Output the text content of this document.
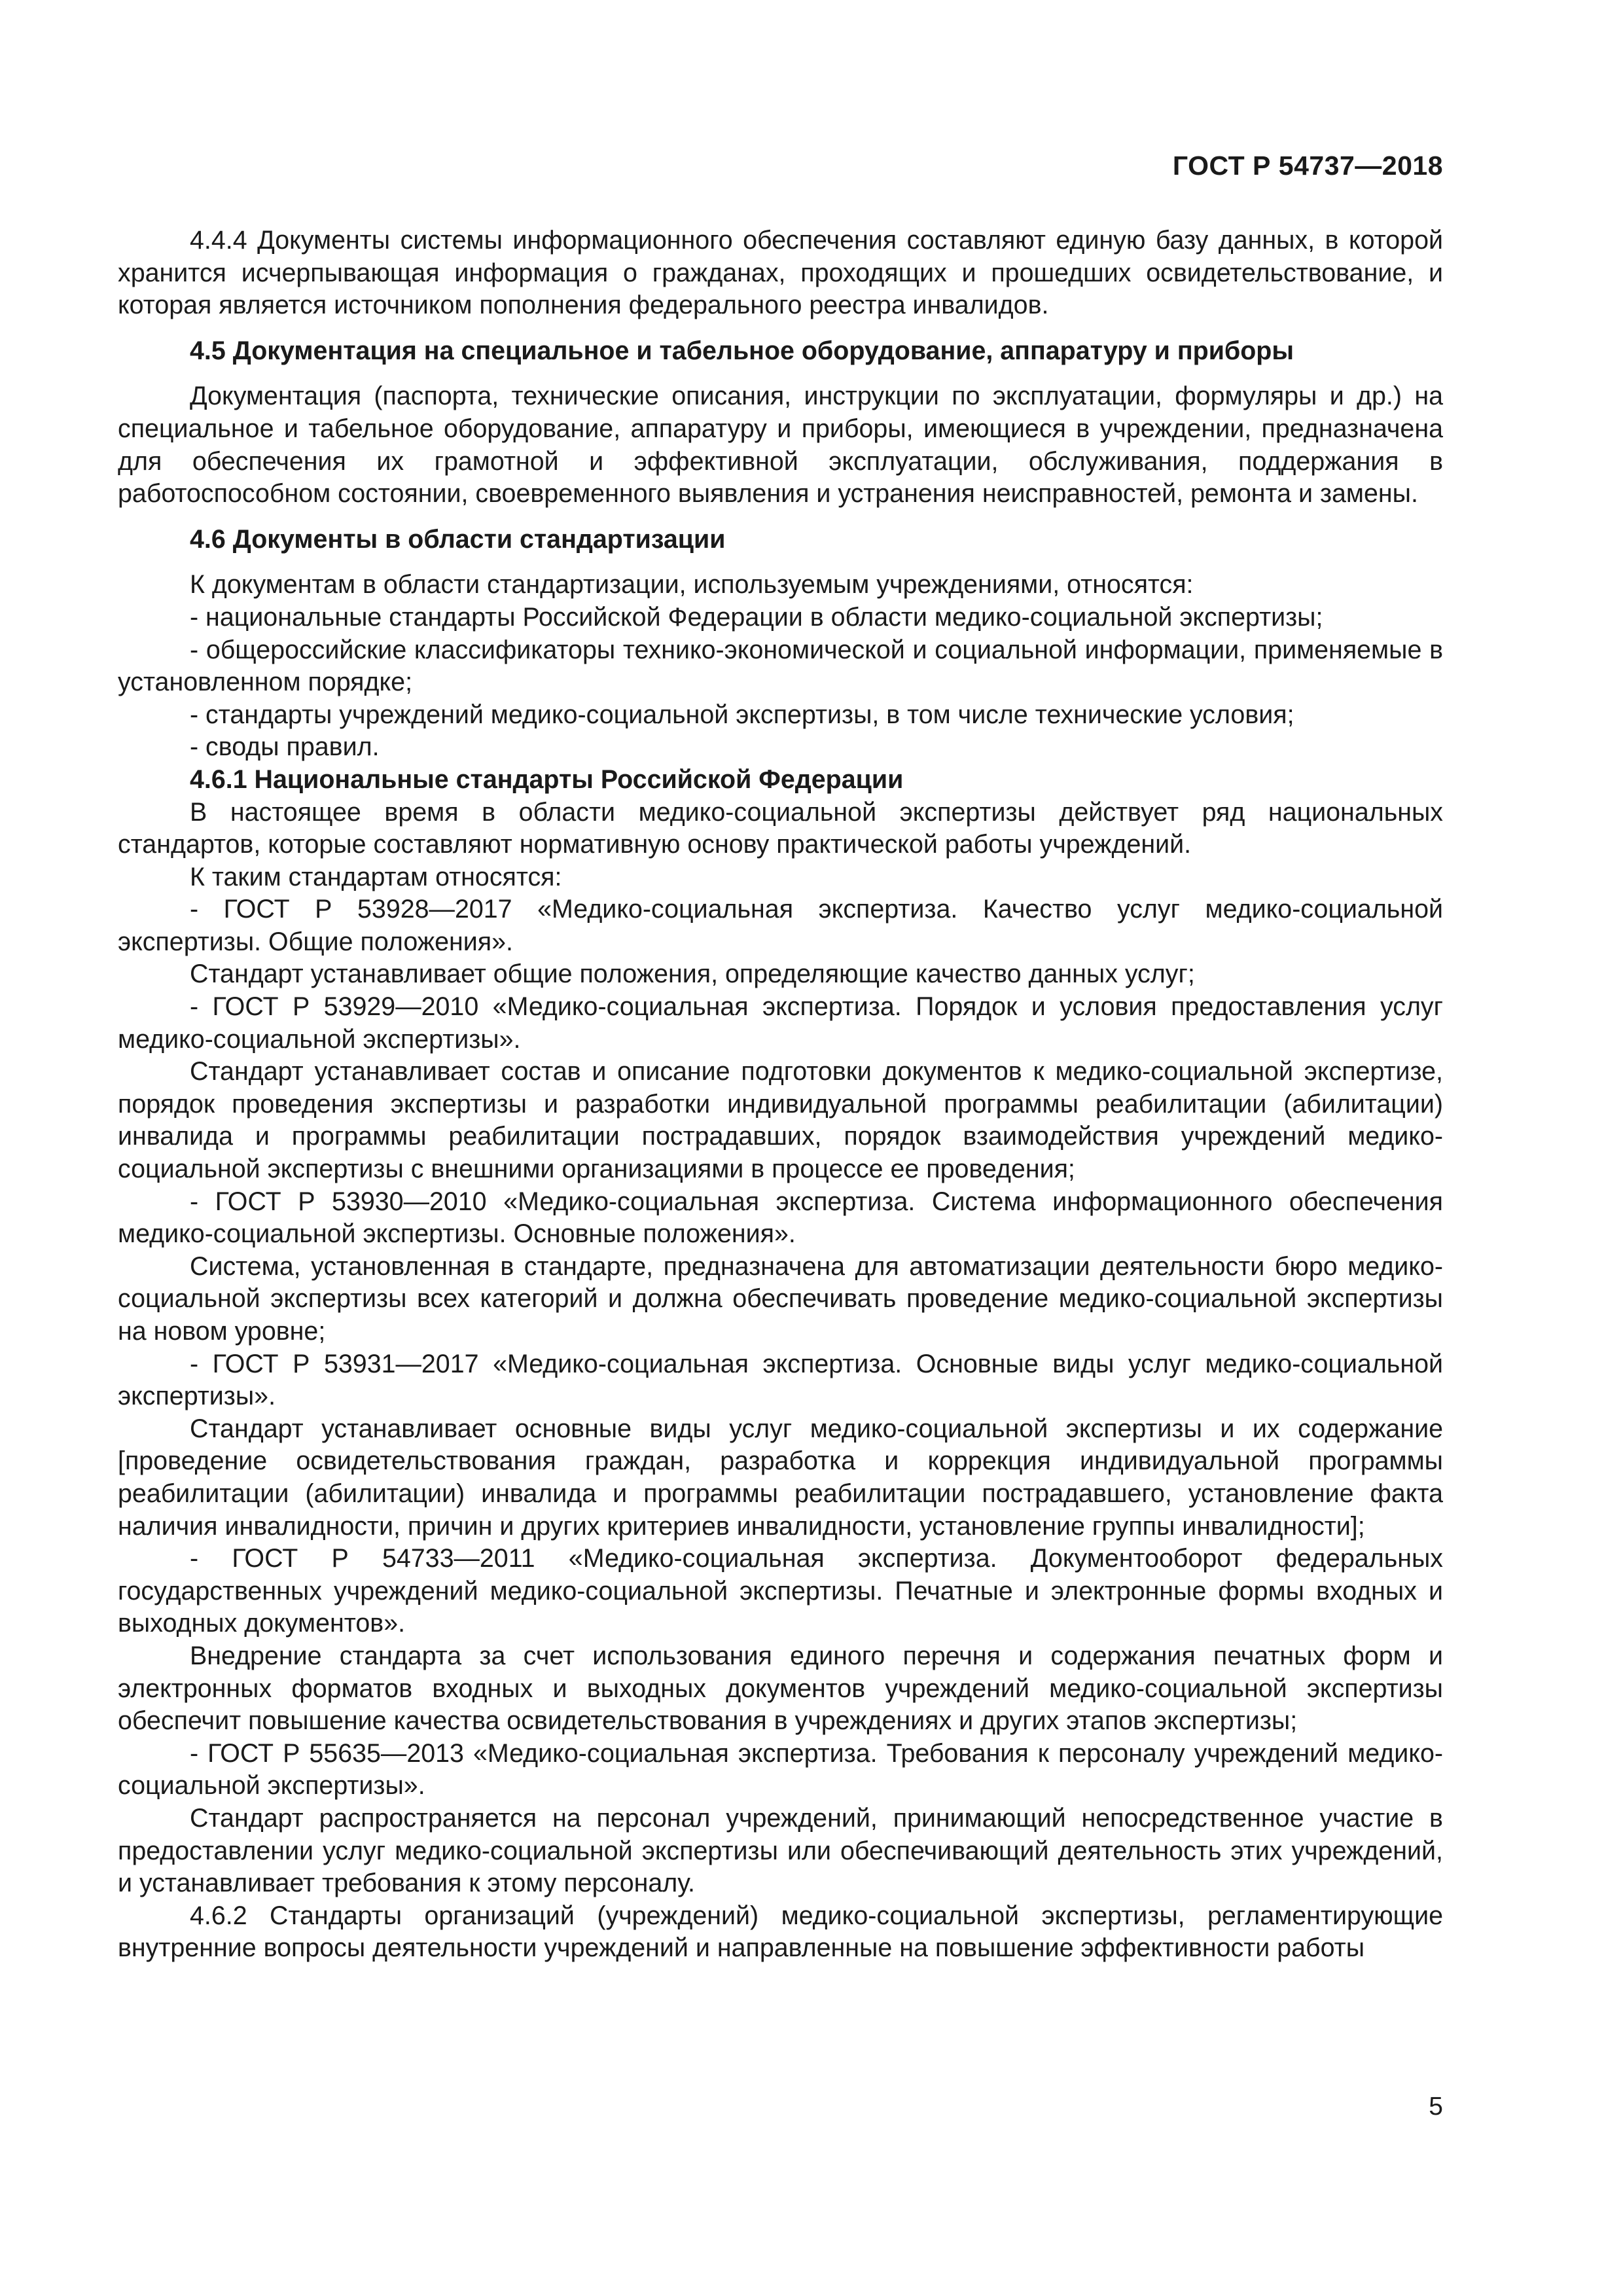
ГОСТ Р 54737—2018

4.4.4 Документы системы информационного обеспечения составляют единую базу данных, в которой хранится исчерпывающая информация о гражданах, проходящих и прошедших освидетельствование, и которая является источником пополнения федерального реестра инвалидов.

4.5 Документация на специальное и табельное оборудование, аппаратуру и приборы

Документация (паспорта, технические описания, инструкции по эксплуатации, формуляры и др.) на специальное и табельное оборудование, аппаратуру и приборы, имеющиеся в учреждении, предназначена для обеспечения их грамотной и эффективной эксплуатации, обслуживания, поддержания в работоспособном состоянии, своевременного выявления и устранения неисправностей, ремонта и замены.

4.6 Документы в области стандартизации

К документам в области стандартизации, используемым учреждениями, относятся:

- национальные стандарты Российской Федерации в области медико-социальной экспертизы;

- общероссийские классификаторы технико-экономической и социальной информации, применяемые в установленном порядке;

- стандарты учреждений медико-социальной экспертизы, в том числе технические условия;

- своды правил.

4.6.1 Национальные стандарты Российской Федерации

В настоящее время в области медико-социальной экспертизы действует ряд национальных стандартов, которые составляют нормативную основу практической работы учреждений.

К таким стандартам относятся:

- ГОСТ Р 53928—2017 «Медико-социальная экспертиза. Качество услуг медико-социальной экспертизы. Общие положения».

Стандарт устанавливает общие положения, определяющие качество данных услуг;

- ГОСТ Р 53929—2010 «Медико-социальная экспертиза. Порядок и условия предоставления услуг медико-социальной экспертизы».

Стандарт устанавливает состав и описание подготовки документов к медико-социальной экспертизе, порядок проведения экспертизы и разработки индивидуальной программы реабилитации (абилитации) инвалида и программы реабилитации пострадавших, порядок взаимодействия учреждений медико-социальной экспертизы с внешними организациями в процессе ее проведения;

- ГОСТ Р 53930—2010 «Медико-социальная экспертиза. Система информационного обеспечения медико-социальной экспертизы. Основные положения».

Система, установленная в стандарте, предназначена для автоматизации деятельности бюро медико-социальной экспертизы всех категорий и должна обеспечивать проведение медико-социальной экспертизы на новом уровне;

- ГОСТ Р 53931—2017 «Медико-социальная экспертиза. Основные виды услуг медико-социальной экспертизы».

Стандарт устанавливает основные виды услуг медико-социальной экспертизы и их содержание [проведение освидетельствования граждан, разработка и коррекция индивидуальной программы реабилитации (абилитации) инвалида и программы реабилитации пострадавшего, установление факта наличия инвалидности, причин и других критериев инвалидности, установление группы инвалидности];

- ГОСТ Р 54733—2011 «Медико-социальная экспертиза. Документооборот федеральных государственных учреждений медико-социальной экспертизы. Печатные и электронные формы входных и выходных документов».

Внедрение стандарта за счет использования единого перечня и содержания печатных форм и электронных форматов входных и выходных документов учреждений медико-социальной экспертизы обеспечит повышение качества освидетельствования в учреждениях и других этапов экспертизы;

- ГОСТ Р 55635—2013 «Медико-социальная экспертиза. Требования к персоналу учреждений медико-социальной экспертизы».

Стандарт распространяется на персонал учреждений, принимающий непосредственное участие в предоставлении услуг медико-социальной экспертизы или обеспечивающий деятельность этих учреждений, и устанавливает требования к этому персоналу.

4.6.2 Стандарты организаций (учреждений) медико-социальной экспертизы, регламентирующие внутренние вопросы деятельности учреждений и направленные на повышение эффективности работы

5
